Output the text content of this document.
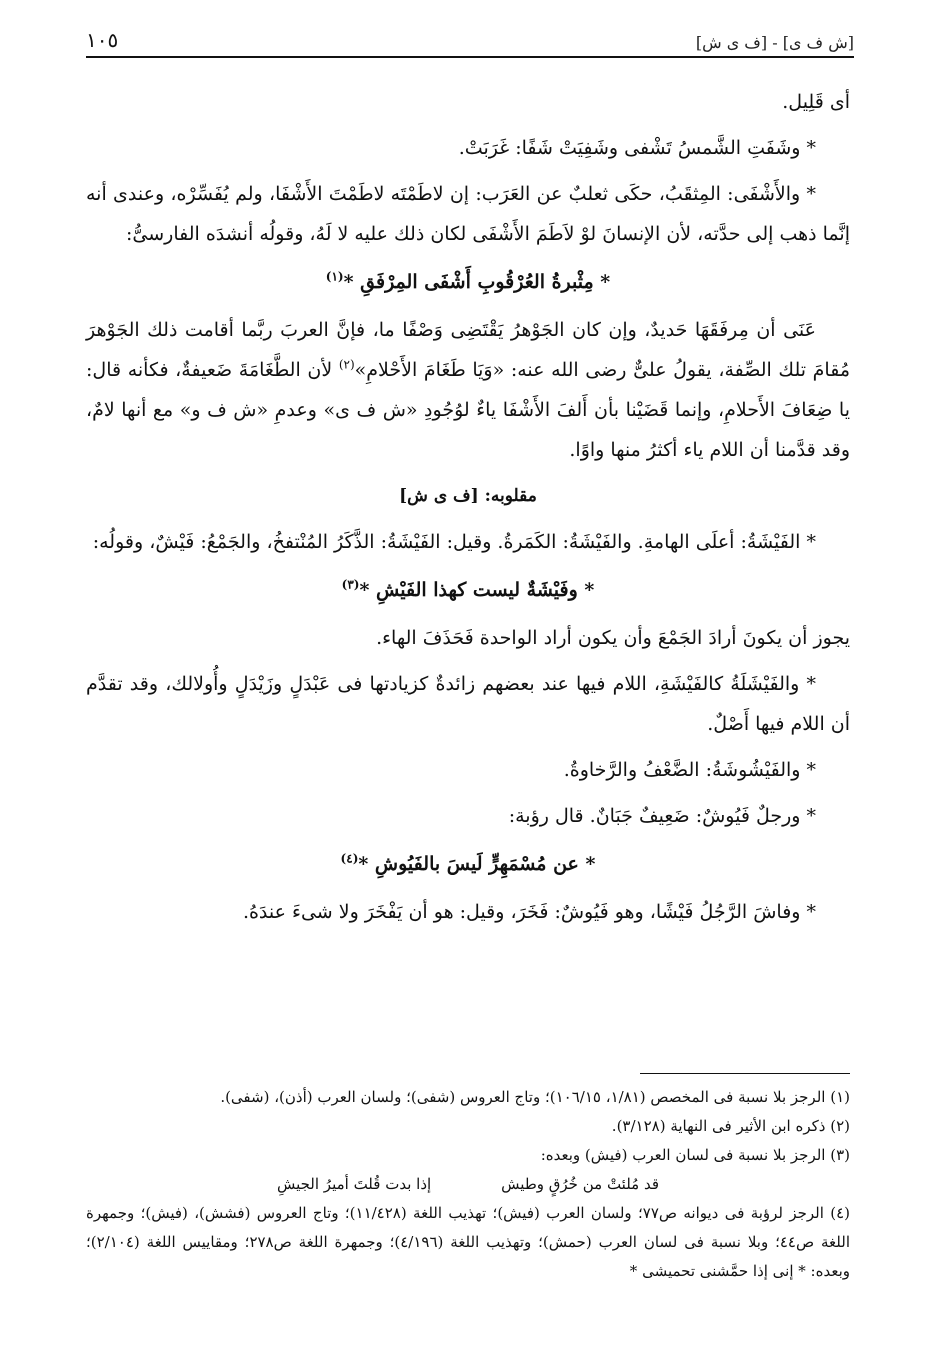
[ش ف ى] - [ف ى ش]
١٠٥

أى قَلِيل.

* وشَفَتِ الشَّمسُ تَشْفى وشَفِيَتْ شَفًا: غَرَبَتْ.

* والأَشْفَى: المِثقَبُ، حكَى ثعلبٌ عن العَرَب: إن لاطَمْتَه لاطَمْتَ الأَشْفَا، ولم يُفَسِّرْه، وعندى أنه إنَّما ذهب إلى حدَّته، لأن الإنسانَ لوْ لاَطَمَ الأَشْفَى لكان ذلك عليه لا لَهُ، وقولُه أنشدَه الفارسىُّ:

* مِثْبرةُ العُرْقُوبِ أَشْفَى المِرْفَقِ *$^{(١)}$

عَنَى أن مِرفَقَهَا حَديدٌ، وإن كان الجَوْهرُ يَقْتَضِى وَصْفًا ما، فإنَّ العربَ ربَّما أقامت ذلك الجَوْهرَ مُقامَ تلك الصِّفة، يقولُ علىٌّ رضى الله عنه: «وَيَا طَغَامَ الأَحْلامِ»$^{(٢)}$ لأن الطَّغَامَةَ ضَعيفةٌ، فكأنه قال: يا ضِعَافَ الأَحلامِ، وإنما قَضَيْنا بأن أَلفَ الأَشْفَا ياءٌ لوُجُودِ «ش ف ى» وعدمِ «ش ف و» مع أنها لامٌ، وقد قدَّمنا أن اللام ياء أكثرُ منها واوًا.

مقلوبه: [ف ى ش]

* الفَيْشَةُ: أعلَى الهامةِ. والفَيْشَةُ: الكَمَرةُ. وقيل: الفَيْشَةُ: الذَّكَرُ المُنْتفخُ، والجَمْعُ: فَيْشٌ، وقولُه:

* وفَيْشَةٌ ليست كهذا الفَيْشِ *$^{(٣)}$

يجوز أن يكونَ أرادَ الجَمْعَ وأن يكون أراد الواحدة فَحَذَفَ الهاء.

* والفَيْشَلَةُ كالفَيْشَةِ، اللام فيها عند بعضهم زائدةٌ كزيادتها فى عَبْدَلٍ وزَيْدَلٍ وأُولالك، وقد تقدَّم أن اللام فيها أَصْلٌ.

* والفَيْشُوشَةُ: الضَّعْفُ والرَّخاوةُ.

* ورجلٌ فَيُوشٌ: ضَعِيفٌ جَبَانٌ. قال رؤبة:

* عن مُسْمَهِرٍّ لَيسَ بالفَيُوشِ *$^{(٤)}$

* وفاشَ الرَّجُلُ فَيْشًا، وهو فَيُوشٌ: فَخَرَ، وقيل: هو أن يَفْخَرَ ولا شىءَ عندَهُ.

(١) الرجز بلا نسبة فى المخصص (١/٨١، ١٠٦/١٥)؛ وتاج العروس (شفى)؛ ولسان العرب (أذن)، (شفى).

(٢) ذكره ابن الأثير فى النهاية (٣/١٢٨).

(٣) الرجز بلا نسبة فى لسان العرب (فيش) وبعده:

قد مُلئتْ من خُرُقٍ وطيش
إذا بدت قُلتَ أميرُ الجيشِ

(٤) الرجز لرؤبة فى ديوانه ص٧٧؛ ولسان العرب (فيش)؛ تهذيب اللغة (١١/٤٢٨)؛ وتاج العروس (فشش)، (فيش)؛ وجمهرة اللغة ص٤٤؛ وبلا نسبة فى لسان العرب (حمش)؛ وتهذيب اللغة (٤/١٩٦)؛ وجمهرة اللغة ص٢٧٨؛ ومقاييس اللغة (٢/١٠٤)؛ وبعده: * إنى إذا حمَّشنى تحميشى *
